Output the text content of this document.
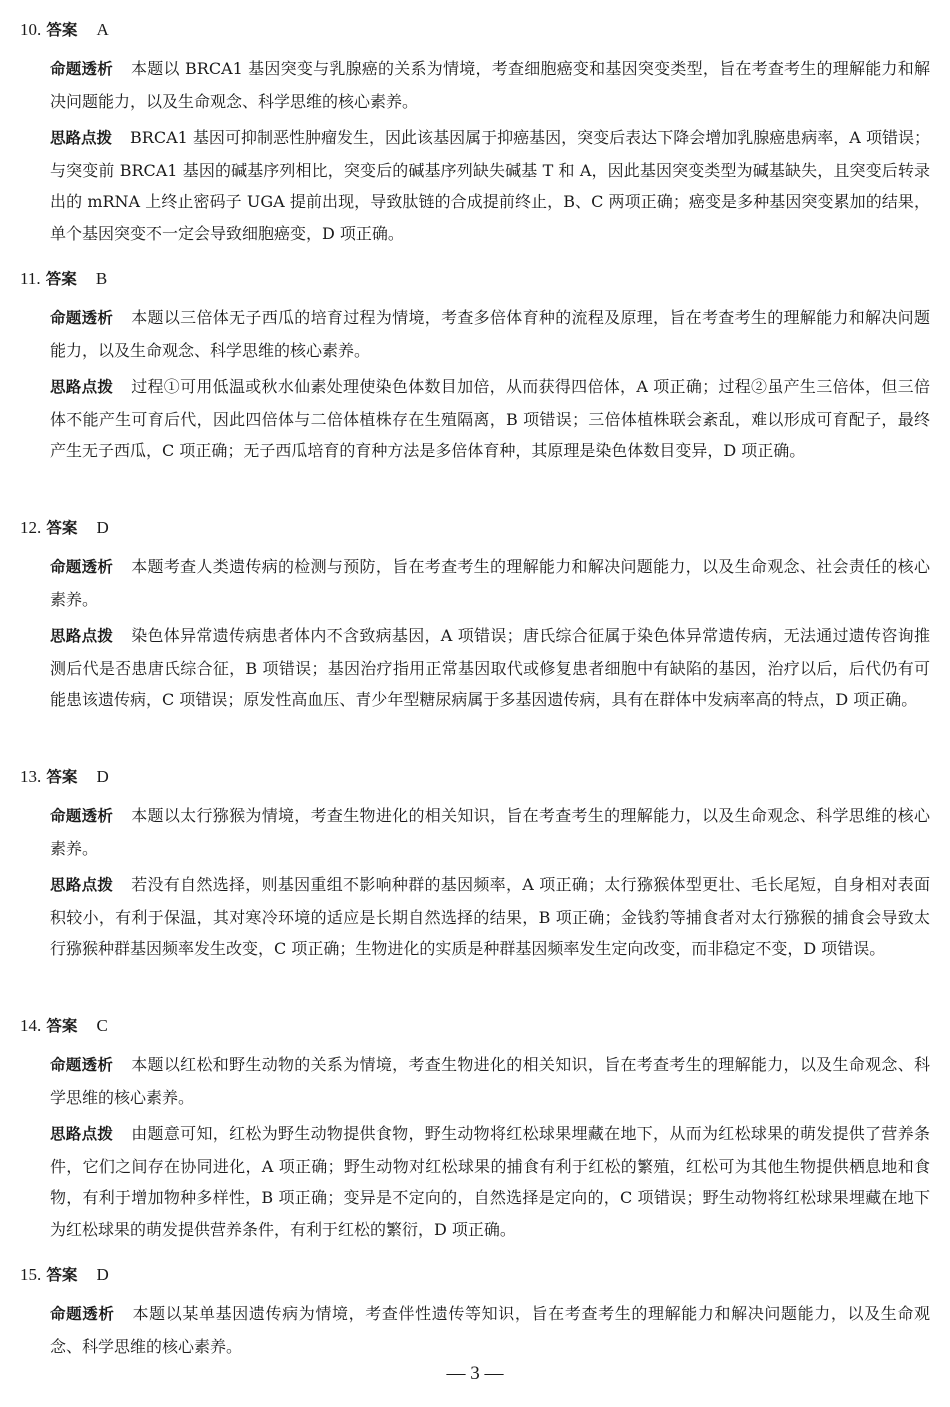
10. 答案 A
命题透析 本题以 BRCA1 基因突变与乳腺癌的关系为情境，考查细胞癌变和基因突变类型，旨在考查考生的理解能力和解决问题能力，以及生命观念、科学思维的核心素养。
思路点拨 BRCA1 基因可抑制恶性肿瘤发生，因此该基因属于抑癌基因，突变后表达下降会增加乳腺癌患病率，A 项错误；与突变前 BRCA1 基因的碱基序列相比，突变后的碱基序列缺失碱基 T 和 A，因此基因突变类型为碱基缺失，且突变后转录出的 mRNA 上终止密码子 UGA 提前出现，导致肽链的合成提前终止，B、C 两项正确；癌变是多种基因突变累加的结果，单个基因突变不一定会导致细胞癌变，D 项正确。
11. 答案 B
命题透析 本题以三倍体无子西瓜的培育过程为情境，考查多倍体育种的流程及原理，旨在考查考生的理解能力和解决问题能力，以及生命观念、科学思维的核心素养。
思路点拨 过程①可用低温或秋水仙素处理使染色体数目加倍，从而获得四倍体，A 项正确；过程②虽产生三倍体，但三倍体不能产生可育后代，因此四倍体与二倍体植株存在生殖隔离，B 项错误；三倍体植株联会紊乱，难以形成可育配子，最终产生无子西瓜，C 项正确；无子西瓜培育的育种方法是多倍体育种，其原理是染色体数目变异，D 项正确。
12. 答案 D
命题透析 本题考查人类遗传病的检测与预防，旨在考查考生的理解能力和解决问题能力，以及生命观念、社会责任的核心素养。
思路点拨 染色体异常遗传病患者体内不含致病基因，A 项错误；唐氏综合征属于染色体异常遗传病，无法通过遗传咨询推测后代是否患唐氏综合征，B 项错误；基因治疗指用正常基因取代或修复患者细胞中有缺陷的基因，治疗以后，后代仍有可能患该遗传病，C 项错误；原发性高血压、青少年型糖尿病属于多基因遗传病，具有在群体中发病率高的特点，D 项正确。
13. 答案 D
命题透析 本题以太行猕猴为情境，考查生物进化的相关知识，旨在考查考生的理解能力，以及生命观念、科学思维的核心素养。
思路点拨 若没有自然选择，则基因重组不影响种群的基因频率，A 项正确；太行猕猴体型更壮、毛长尾短，自身相对表面积较小，有利于保温，其对寒冷环境的适应是长期自然选择的结果，B 项正确；金钱豹等捕食者对太行猕猴的捕食会导致太行猕猴种群基因频率发生改变，C 项正确；生物进化的实质是种群基因频率发生定向改变，而非稳定不变，D 项错误。
14. 答案 C
命题透析 本题以红松和野生动物的关系为情境，考查生物进化的相关知识，旨在考查考生的理解能力，以及生命观念、科学思维的核心素养。
思路点拨 由题意可知，红松为野生动物提供食物，野生动物将红松球果埋藏在地下，从而为红松球果的萌发提供了营养条件，它们之间存在协同进化，A 项正确；野生动物对红松球果的捕食有利于红松的繁殖，红松可为其他生物提供栖息地和食物，有利于增加物种多样性，B 项正确；变异是不定向的，自然选择是定向的，C 项错误；野生动物将红松球果埋藏在地下为红松球果的萌发提供营养条件，有利于红松的繁衍，D 项正确。
15. 答案 D
命题透析 本题以某单基因遗传病为情境，考查伴性遗传等知识，旨在考查考生的理解能力和解决问题能力，以及生命观念、科学思维的核心素养。
— 3 —
